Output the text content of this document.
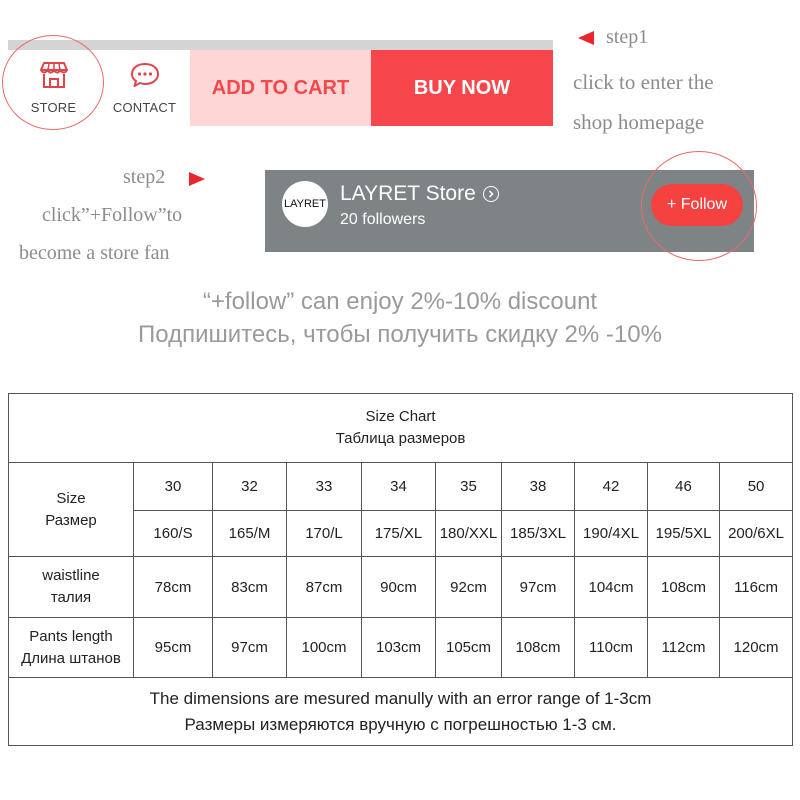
STORE	CONTACT
ADD TO CART	BUY NOW
step1
click to enter the
shop homepage
step2
click”+Follow”to
become a store fan
LAYRET LAYRET Store
20 followers
+ Follow
“+follow” can enjoy 2%-10% discount
Подпишитесь, чтобы получить скидку 2% -10%
Size Chart
Таблица размеров									

Size
Размер	30	32	33	34	35	38	42	46	50
	160/S	165/M	170/L	175/XL	180/XXL	185/3XL	190/4XL	195/5XL	200/6XL

waistline
талия	78cm	83cm	87cm	90cm	92cm	97cm	104cm	108cm	116cm

Pants length
Длина штанов	95cm	97cm	100cm	103cm	105cm	108cm	110cm	112cm	120cm

The dimensions are mesured manully with an error range of 1-3cm
Размеры измеряются вручную с погрешностью 1-3 см.									
